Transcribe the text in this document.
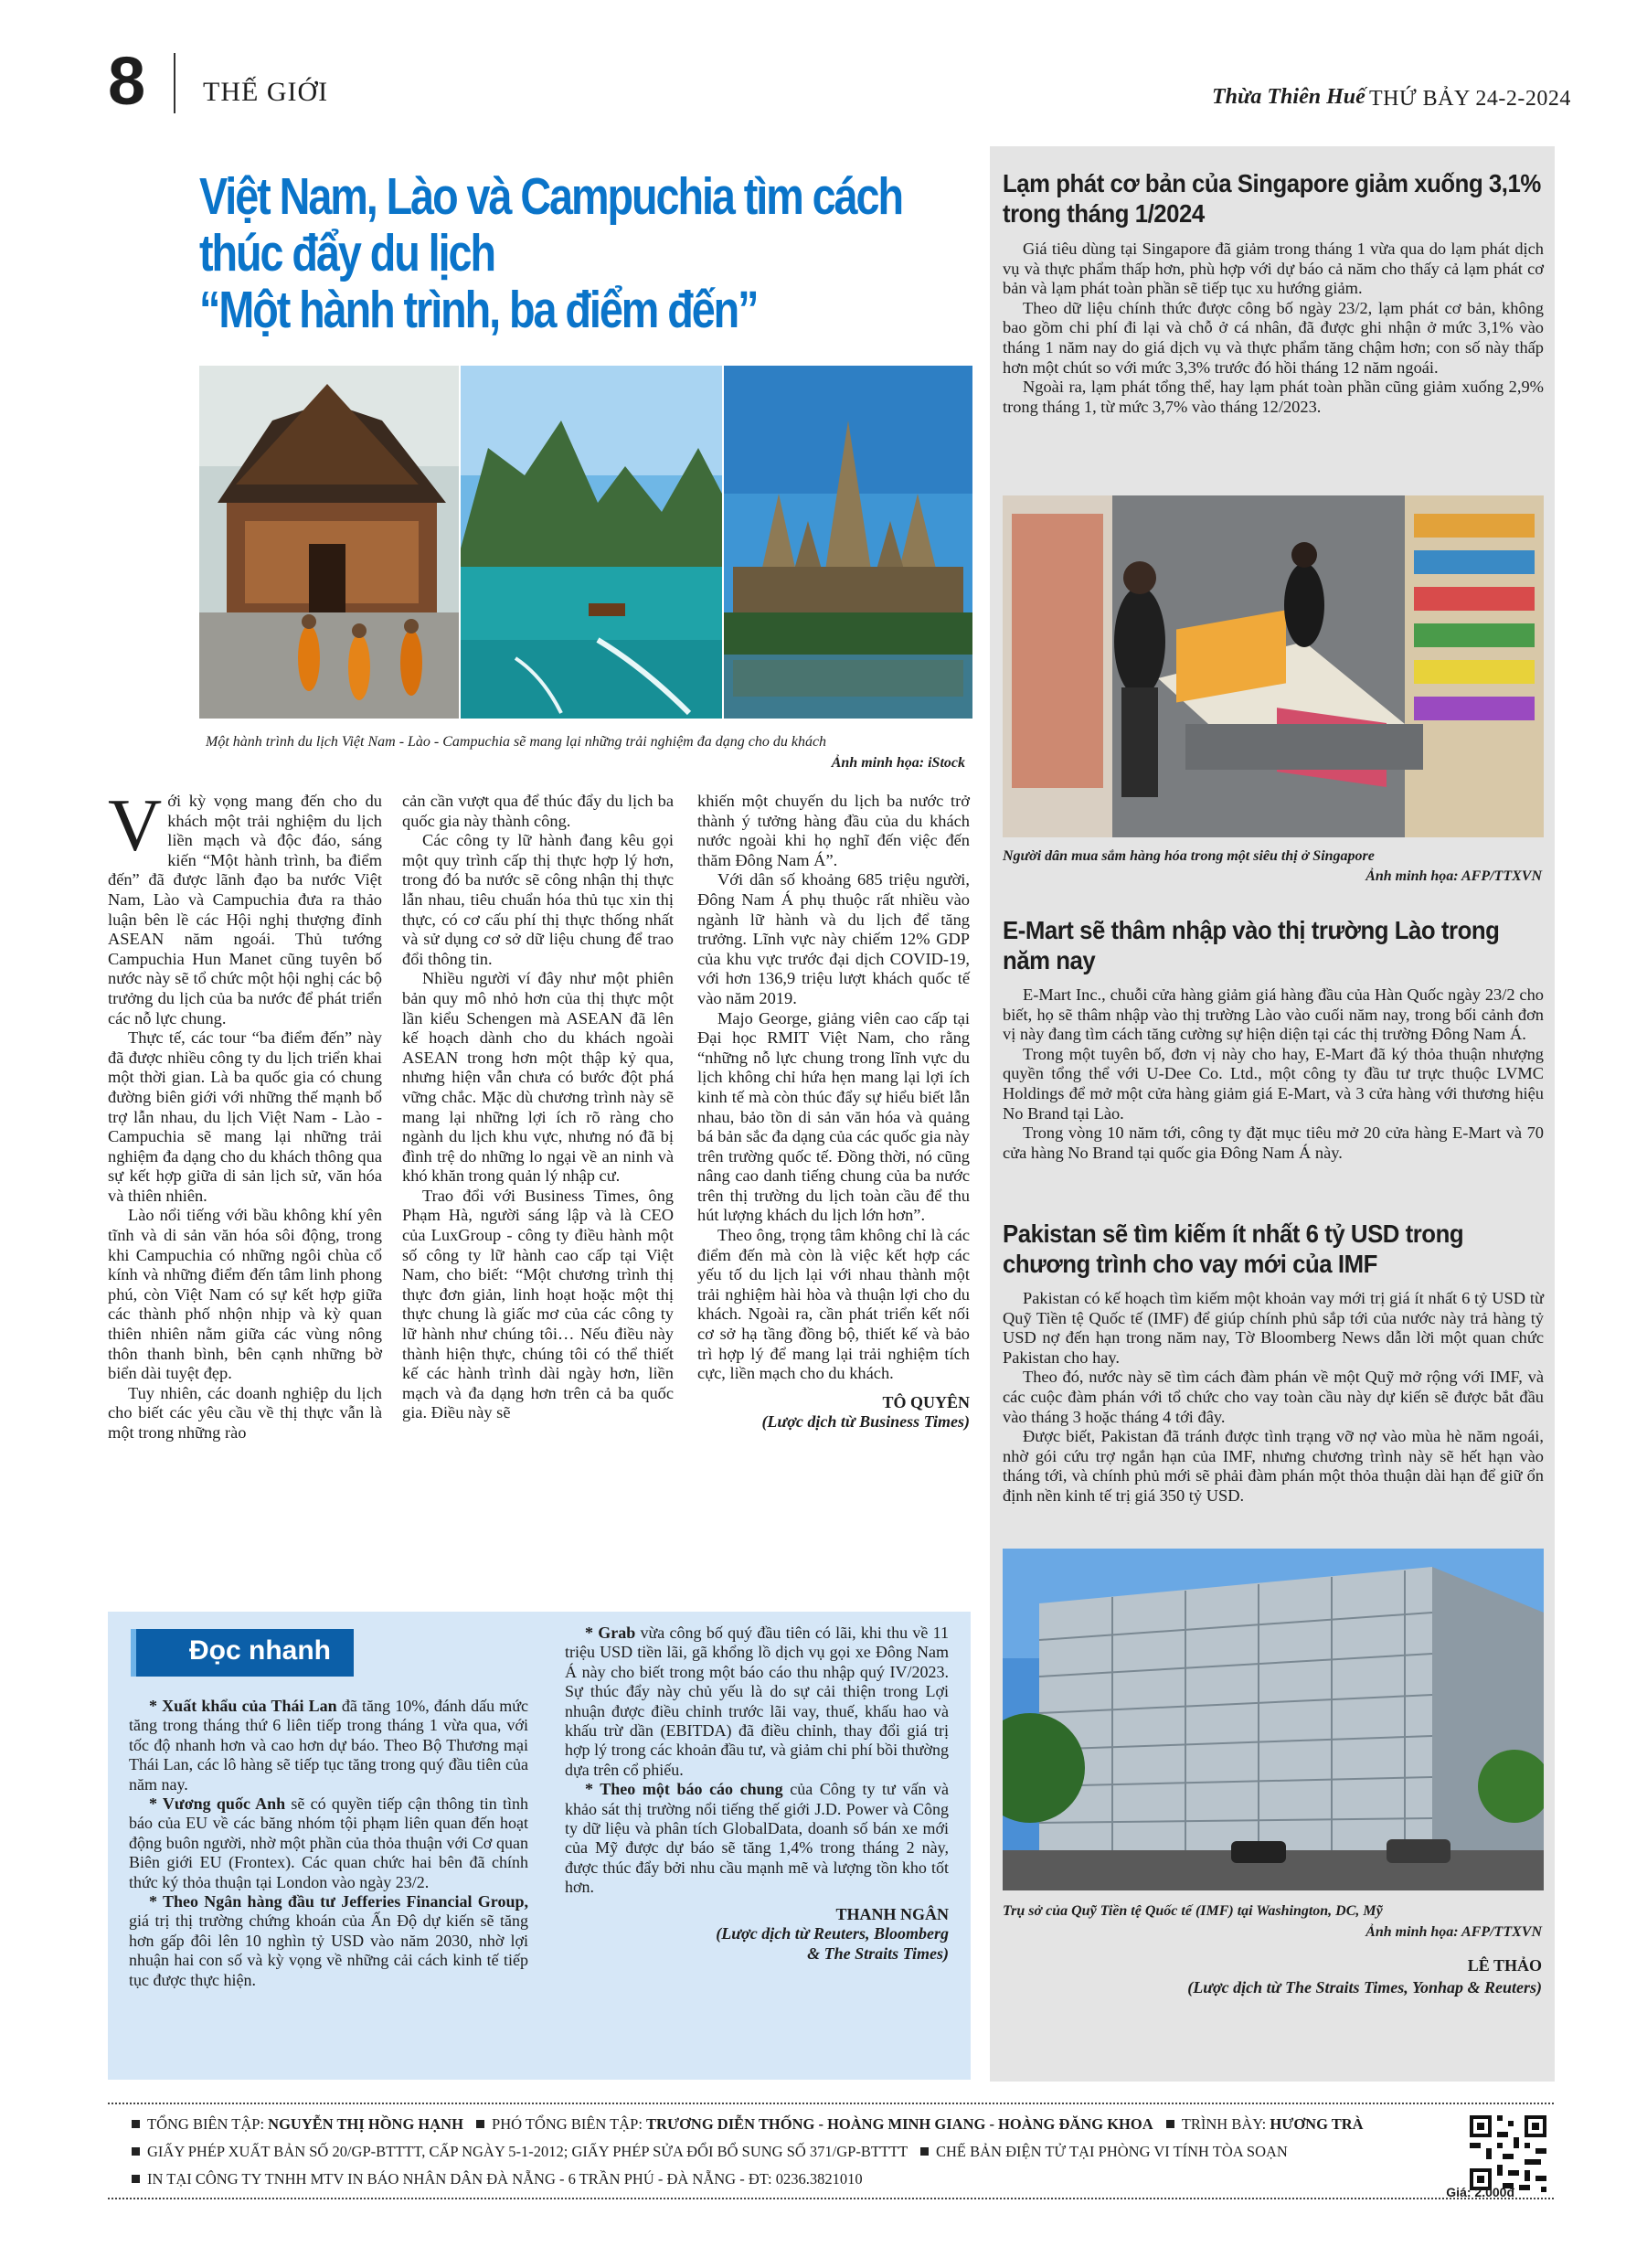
8 THẾ GIỚI	Thừa Thiên Huế THỨ BẢY 24-2-2024
Việt Nam, Lào và Campuchia tìm cách thúc đẩy du lịch
“Một hành trình, ba điểm đến”
Một hành trình du lịch Việt Nam - Lào - Campuchia sẽ mang lại những trải nghiệm đa dạng cho du khách
Ảnh minh họa: iStock

Với kỳ vọng mang đến cho du khách một trải nghiệm du lịch liền mạch và độc đáo, sáng kiến “Một hành trình, ba điểm đến” đã được lãnh đạo ba nước Việt Nam, Lào và Campuchia đưa ra thảo luận bên lề các Hội nghị thượng đỉnh ASEAN năm ngoái. Thủ tướng Campuchia Hun Manet cũng tuyên bố nước này sẽ tổ chức một hội nghị các bộ trưởng du lịch của ba nước để phát triển các nỗ lực chung.

Thực tế, các tour “ba điểm đến” này đã được nhiều công ty du lịch triển khai một thời gian. Là ba quốc gia có chung đường biên giới với những thế mạnh bổ trợ lẫn nhau, du lịch Việt Nam - Lào - Campuchia sẽ mang lại những trải nghiệm đa dạng cho du khách thông qua sự kết hợp giữa di sản lịch sử, văn hóa và thiên nhiên.

Lào nổi tiếng với bầu không khí yên tĩnh và di sản văn hóa sôi động, trong khi Campuchia có những ngôi chùa cổ kính và những điểm đến tâm linh phong phú, còn Việt Nam có sự kết hợp giữa các thành phố nhộn nhịp và kỳ quan thiên nhiên nằm giữa các vùng nông thôn thanh bình, bên cạnh những bờ biển dài tuyệt đẹp.

Tuy nhiên, các doanh nghiệp du lịch cho biết các yêu cầu về thị thực vẫn là một trong những rào

cản cần vượt qua để thúc đẩy du lịch ba quốc gia này thành công.

Các công ty lữ hành đang kêu gọi một quy trình cấp thị thực hợp lý hơn, trong đó ba nước sẽ công nhận thị thực lẫn nhau, tiêu chuẩn hóa thủ tục xin thị thực, có cơ cấu phí thị thực thống nhất và sử dụng cơ sở dữ liệu chung để trao đổi thông tin.

Nhiều người ví đây như một phiên bản quy mô nhỏ hơn của thị thực một lần kiểu Schengen mà ASEAN đã lên kế hoạch dành cho du khách ngoài ASEAN trong hơn một thập kỷ qua, nhưng hiện vẫn chưa có bước đột phá vững chắc. Mặc dù chương trình này sẽ mang lại những lợi ích rõ ràng cho ngành du lịch khu vực, nhưng nó đã bị đình trệ do những lo ngại về an ninh và khó khăn trong quản lý nhập cư.

Trao đổi với Business Times, ông Phạm Hà, người sáng lập và là CEO của LuxGroup - công ty điều hành một số công ty lữ hành cao cấp tại Việt Nam, cho biết: “Một chương trình thị thực đơn giản, linh hoạt hoặc một thị thực chung là giấc mơ của các công ty lữ hành như chúng tôi… Nếu điều này thành hiện thực, chúng tôi có thể thiết kế các hành trình dài ngày hơn, liền mạch và đa dạng hơn trên cả ba quốc gia. Điều này sẽ

khiến một chuyến du lịch ba nước trở thành ý tưởng hàng đầu của du khách nước ngoài khi họ nghĩ đến việc đến thăm Đông Nam Á”.

Với dân số khoảng 685 triệu người, Đông Nam Á phụ thuộc rất nhiều vào ngành lữ hành và du lịch để tăng trưởng. Lĩnh vực này chiếm 12% GDP của khu vực trước đại dịch COVID-19, với hơn 136,9 triệu lượt khách quốc tế vào năm 2019.

Majo George, giảng viên cao cấp tại Đại học RMIT Việt Nam, cho rằng “những nỗ lực chung trong lĩnh vực du lịch không chỉ hứa hẹn mang lại lợi ích kinh tế mà còn thúc đẩy sự hiểu biết lẫn nhau, bảo tồn di sản văn hóa và quảng bá bản sắc đa dạng của các quốc gia này trên trường quốc tế. Đồng thời, nó cũng nâng cao danh tiếng chung của ba nước trên thị trường du lịch toàn cầu để thu hút lượng khách du lịch lớn hơn”.

Theo ông, trọng tâm không chỉ là các điểm đến mà còn là việc kết hợp các yếu tố du lịch lại với nhau thành một trải nghiệm hài hòa và thuận lợi cho du khách. Ngoài ra, cần phát triển kết nối cơ sở hạ tầng đồng bộ, thiết kế và bảo trì hợp lý để mang lại trải nghiệm tích cực, liền mạch cho du khách.

TÔ QUYÊN
(Lược dịch từ Business Times)
Lạm phát cơ bản của Singapore giảm xuống 3,1% trong tháng 1/2024

Giá tiêu dùng tại Singapore đã giảm trong tháng 1 vừa qua do lạm phát dịch vụ và thực phẩm thấp hơn, phù hợp với dự báo cả năm cho thấy cả lạm phát cơ bản và lạm phát toàn phần sẽ tiếp tục xu hướng giảm.

Theo dữ liệu chính thức được công bố ngày 23/2, lạm phát cơ bản, không bao gồm chi phí đi lại và chỗ ở cá nhân, đã được ghi nhận ở mức 3,1% vào tháng 1 năm nay do giá dịch vụ và thực phẩm tăng chậm hơn; con số này thấp hơn một chút so với mức 3,3% trước đó hồi tháng 12 năm ngoái.

Ngoài ra, lạm phát tổng thể, hay lạm phát toàn phần cũng giảm xuống 2,9% trong tháng 1, từ mức 3,7% vào tháng 12/2023.

Người dân mua sắm hàng hóa trong một siêu thị ở Singapore
Ảnh minh họa: AFP/TTXVN
E-Mart sẽ thâm nhập vào thị trường Lào trong năm nay

E-Mart Inc., chuỗi cửa hàng giảm giá hàng đầu của Hàn Quốc ngày 23/2 cho biết, họ sẽ thâm nhập vào thị trường Lào vào cuối năm nay, trong bối cảnh đơn vị này đang tìm cách tăng cường sự hiện diện tại các thị trường Đông Nam Á.

Trong một tuyên bố, đơn vị này cho hay, E-Mart đã ký thỏa thuận nhượng quyền tổng thể với U-Dee Co. Ltd., một công ty đầu tư trực thuộc LVMC Holdings để mở một cửa hàng giảm giá E-Mart, và 3 cửa hàng với thương hiệu No Brand tại Lào.

Trong vòng 10 năm tới, công ty đặt mục tiêu mở 20 cửa hàng E-Mart và 70 cửa hàng No Brand tại quốc gia Đông Nam Á này.

Pakistan sẽ tìm kiếm ít nhất 6 tỷ USD trong chương trình cho vay mới của IMF

Pakistan có kế hoạch tìm kiếm một khoản vay mới trị giá ít nhất 6 tỷ USD từ Quỹ Tiền tệ Quốc tế (IMF) để giúp chính phủ sắp tới của nước này trả hàng tỷ USD nợ đến hạn trong năm nay, Tờ Bloomberg News dẫn lời một quan chức Pakistan cho hay.

Theo đó, nước này sẽ tìm cách đàm phán về một Quỹ mở rộng với IMF, và các cuộc đàm phán với tổ chức cho vay toàn cầu này dự kiến sẽ được bắt đầu vào tháng 3 hoặc tháng 4 tới đây.

Được biết, Pakistan đã tránh được tình trạng vỡ nợ vào mùa hè năm ngoái, nhờ gói cứu trợ ngắn hạn của IMF, nhưng chương trình này sẽ hết hạn vào tháng tới, và chính phủ mới sẽ phải đàm phán một thỏa thuận dài hạn để giữ ổn định nền kinh tế trị giá 350 tỷ USD.

Trụ sở của Quỹ Tiền tệ Quốc tế (IMF) tại Washington, DC, Mỹ
Ảnh minh họa: AFP/TTXVN
LÊ THẢO
(Lược dịch từ The Straits Times, Yonhap & Reuters)
Đọc nhanh

* Xuất khẩu của Thái Lan đã tăng 10%, đánh dấu mức tăng trong tháng thứ 6 liên tiếp trong tháng 1 vừa qua, với tốc độ nhanh hơn và cao hơn dự báo. Theo Bộ Thương mại Thái Lan, các lô hàng sẽ tiếp tục tăng trong quý đầu tiên của năm nay.

* Vương quốc Anh sẽ có quyền tiếp cận thông tin tình báo của EU về các băng nhóm tội phạm liên quan đến hoạt động buôn người, nhờ một phần của thỏa thuận với Cơ quan Biên giới EU (Frontex). Các quan chức hai bên đã chính thức ký thỏa thuận tại London vào ngày 23/2.

* Theo Ngân hàng đầu tư Jefferies Financial Group, giá trị thị trường chứng khoán của Ấn Độ dự kiến sẽ tăng hơn gấp đôi lên 10 nghìn tỷ USD vào năm 2030, nhờ lợi nhuận hai con số và kỳ vọng về những cải cách kinh tế tiếp tục được thực hiện.

* Grab vừa công bố quý đầu tiên có lãi, khi thu về 11 triệu USD tiền lãi, gã khổng lồ dịch vụ gọi xe Đông Nam Á này cho biết trong một báo cáo thu nhập quý IV/2023. Sự thúc đẩy này chủ yếu là do sự cải thiện trong Lợi nhuận được điều chỉnh trước lãi vay, thuế, khấu hao và khấu trừ dần (EBITDA) đã điều chỉnh, thay đổi giá trị hợp lý trong các khoản đầu tư, và giảm chi phí bồi thường dựa trên cổ phiếu.

* Theo một báo cáo chung của Công ty tư vấn và khảo sát thị trường nổi tiếng thế giới J.D. Power và Công ty dữ liệu và phân tích GlobalData, doanh số bán xe mới của Mỹ được dự báo sẽ tăng 1,4% trong tháng 2 này, được thúc đẩy bởi nhu cầu mạnh mẽ và lượng tồn kho tốt hơn.

THANH NGÂN
(Lược dịch từ Reuters, Bloomberg
& The Straits Times)
TỔNG BIÊN TẬP: NGUYỄN THỊ HỒNG HẠNH PHÓ TỔNG BIÊN TẬP: TRƯƠNG DIỄN THỐNG - HOÀNG MINH GIANG - HOÀNG ĐĂNG KHOA TRÌNH BÀY: HƯƠNG TRÀ
GIẤY PHÉP XUẤT BẢN SỐ 20/GP-BTTTT, CẤP NGÀY 5-1-2012; GIẤY PHÉP SỬA ĐỔI BỔ SUNG SỐ 371/GP-BTTTT CHẾ BẢN ĐIỆN TỬ TẠI PHÒNG VI TÍNH TÒA SOẠN
IN TẠI CÔNG TY TNHH MTV IN BÁO NHÂN DÂN ĐÀ NẴNG - 6 TRẦN PHÚ - ĐÀ NẴNG - ĐT: 0236.3821010
Giá: 2.000đ
